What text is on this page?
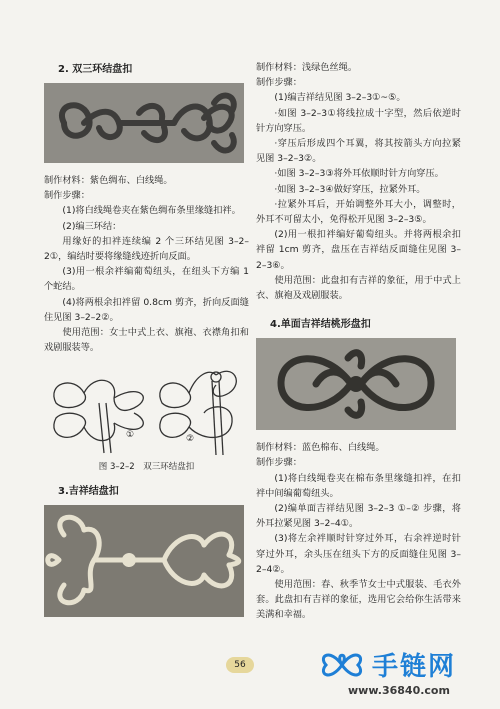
2. 双三环结盘扣

制作材料：紫色绸布、白线绳。

制作步骤：

(1)将白线绳卷夹在紫色绸布条里缘缝扣袢。

(2)编三环结：

用缘好的扣袢连续编 2 个三环结见图 3–2–2①，编结时要将缘缝线迹折向反面。

(3)用一根余袢编葡萄纽头，在纽头下方编 1 个蛇结。

(4)将两根余扣袢留 0.8cm 剪齐，折向反面缝住见图 3–2–2②。

使用范围：女士中式上衣、旗袍、衣襟角扣和戏剧服装等。

①	②
图 3–2–2　双三环结盘扣
3.吉祥结盘扣

制作材料：浅绿色丝绳。

制作步骤：

(1)编吉祥结见图 3–2–3①~⑤。

·如图 3–2–3①将线拉成十字型，然后依逆时针方向穿压。

·穿压后形成四个耳翼，将其按箭头方向拉紧见图 3–2–3②。

·如图 3–2–3③将外耳依顺时针方向穿压。

·如图 3–2–3④做好穿压，拉紧外耳。

·拉紧外耳后，开始调整外耳大小，调整时，外耳不可留太小，免得松开见图 3–2–3⑤。

(2)用一根扣袢编好葡萄纽头。并将两根余扣袢留 1cm 剪齐，盘压在吉祥结反面缝住见图 3–2–3⑥。

使用范围：此盘扣有吉祥的象征，用于中式上衣、旗袍及戏剧服装。

4.单面吉祥结桃形盘扣

制作材料：蓝色棉布、白线绳。

制作步骤：

(1)将白线绳卷夹在棉布条里缘缝扣袢，在扣袢中间编葡萄纽头。

(2)编单面吉祥结见图 3–2–3 ①–② 步骤，将外耳拉紧见图 3–2–4①。

(3)将左余袢顺时针穿过外耳，右余袢逆时针穿过外耳，余头压在纽头下方的反面缝住见图 3–2–4②。

使用范围：春、秋季节女士中式服装、毛衣外套。此盘扣有吉祥的象征，选用它会给你生活带来美满和幸福。

56	手链网
www.36840.com
